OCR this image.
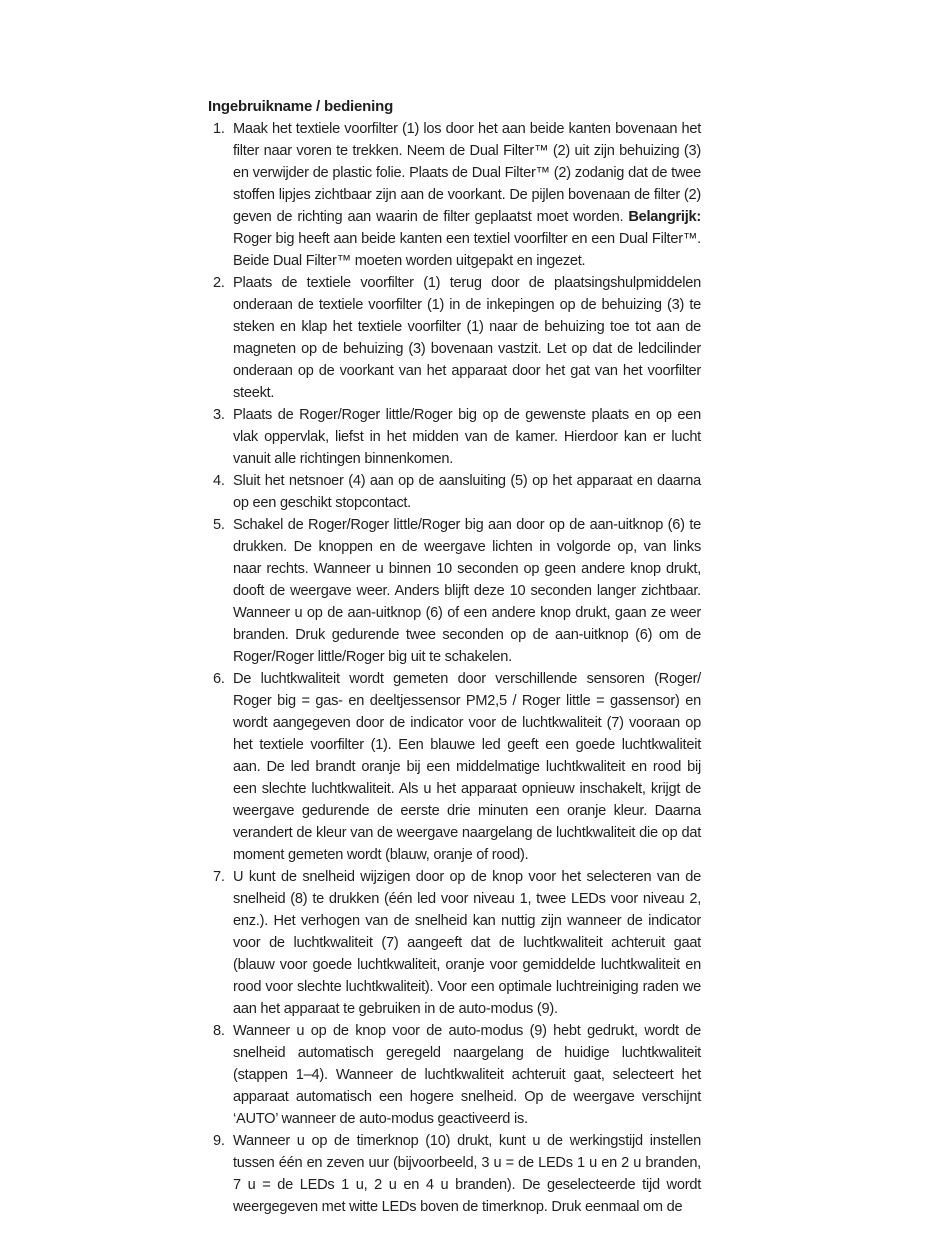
Ingebruikname / bediening
1. Maak het textiele voorfilter (1) los door het aan beide kanten bovenaan het filter naar voren te trekken. Neem de Dual Filter™ (2) uit zijn behuizing (3) en verwijder de plastic folie. Plaats de Dual Filter™ (2) zodanig dat de twee stoffen lipjes zichtbaar zijn aan de voorkant. De pijlen bovenaan de filter (2) geven de richting aan waarin de filter geplaatst moet worden. Belangrijk: Roger big heeft aan beide kanten een textiel voorfilter en een Dual Filter™. Beide Dual Filter™ moeten worden uitgepakt en ingezet.
2. Plaats de textiele voorfilter (1) terug door de plaatsingshulpmiddelen onderaan de textiele voorfilter (1) in de inkepingen op de behuizing (3) te steken en klap het textiele voorfilter (1) naar de behuizing toe tot aan de magneten op de behuizing (3) bovenaan vastzit. Let op dat de ledcilinder onderaan op de voorkant van het apparaat door het gat van het voorfilter steekt.
3. Plaats de Roger/Roger little/Roger big op de gewenste plaats en op een vlak oppervlak, liefst in het midden van de kamer. Hierdoor kan er lucht vanuit alle richtingen binnenkomen.
4. Sluit het netsnoer (4) aan op de aansluiting (5) op het apparaat en daarna op een geschikt stopcontact.
5. Schakel de Roger/Roger little/Roger big aan door op de aan-uitknop (6) te drukken. De knoppen en de weergave lichten in volgorde op, van links naar rechts. Wanneer u binnen 10 seconden op geen andere knop drukt, dooft de weergave weer. Anders blijft deze 10 seconden langer zichtbaar. Wanneer u op de aan-uitknop (6) of een andere knop drukt, gaan ze weer branden. Druk gedurende twee seconden op de aan-uitknop (6) om de Roger/Roger little/Roger big uit te schakelen.
6. De luchtkwaliteit wordt gemeten door verschillende sensoren (Roger/ Roger big = gas- en deeltjessensor PM2,5 / Roger little = gassensor) en wordt aangegeven door de indicator voor de luchtkwaliteit (7) vooraan op het textiele voorfilter (1). Een blauwe led geeft een goede luchtkwaliteit aan. De led brandt oranje bij een middelmatige luchtkwaliteit en rood bij een slechte luchtkwaliteit. Als u het apparaat opnieuw inschakelt, krijgt de weergave gedurende de eerste drie minuten een oranje kleur. Daarna verandert de kleur van de weergave naargelang de luchtkwaliteit die op dat moment gemeten wordt (blauw, oranje of rood).
7. U kunt de snelheid wijzigen door op de knop voor het selecteren van de snelheid (8) te drukken (één led voor niveau 1, twee LEDs voor niveau 2, enz.). Het verhogen van de snelheid kan nuttig zijn wanneer de indicator voor de luchtkwaliteit (7) aangeeft dat de luchtkwaliteit achteruit gaat (blauw voor goede luchtkwaliteit, oranje voor gemiddelde luchtkwaliteit en rood voor slechte luchtkwaliteit). Voor een optimale luchtreiniging raden we aan het apparaat te gebruiken in de auto-modus (9).
8. Wanneer u op de knop voor de auto-modus (9) hebt gedrukt, wordt de snelheid automatisch geregeld naargelang de huidige luchtkwaliteit (stappen 1–4). Wanneer de luchtkwaliteit achteruit gaat, selecteert het apparaat automatisch een hogere snelheid. Op de weergave verschijnt ‘AUTO’ wanneer de auto-modus geactiveerd is.
9. Wanneer u op de timerknop (10) drukt, kunt u de werkingstijd instellen tussen één en zeven uur (bijvoorbeeld, 3 u = de LEDs 1 u en 2 u branden, 7 u = de LEDs 1 u, 2 u en 4 u branden). De geselecteerde tijd wordt weergegeven met witte LEDs boven de timerknop. Druk eenmaal om de
